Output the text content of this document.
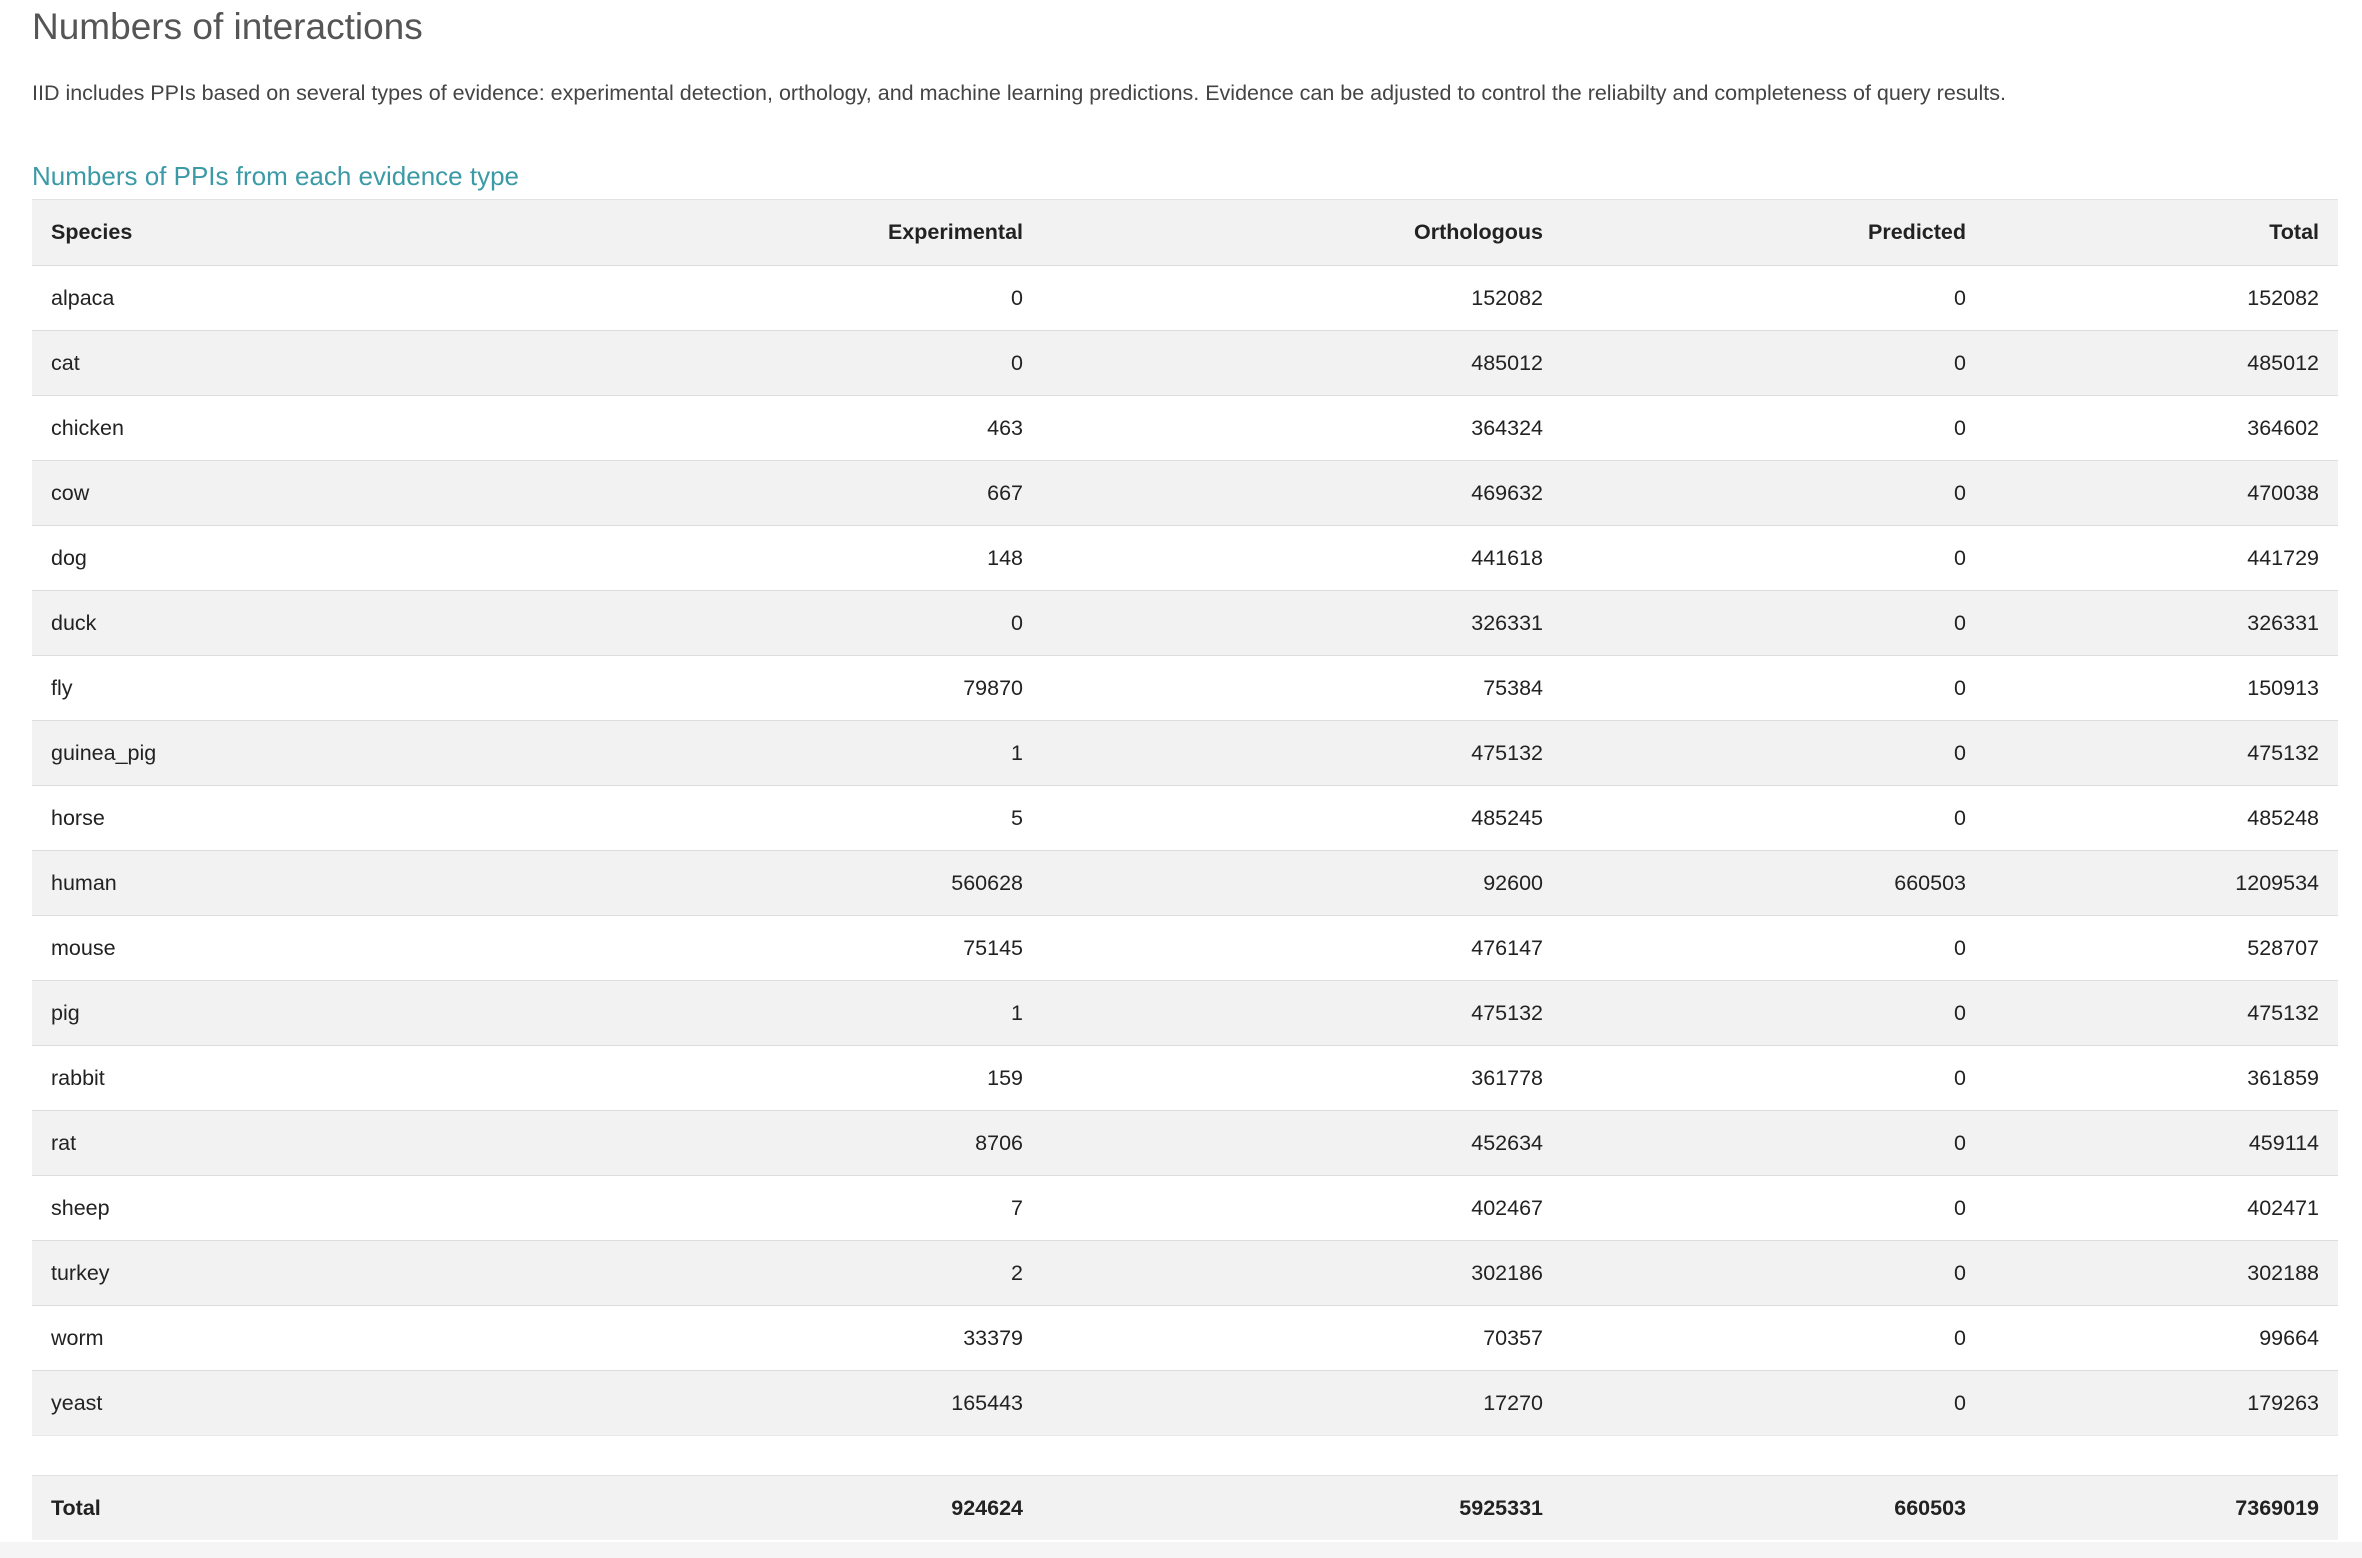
Numbers of interactions

IID includes PPIs based on several types of evidence: experimental detection, orthology, and machine learning predictions. Evidence can be adjusted to control the reliabilty and completeness of query results.

Numbers of PPIs from each evidence type
Species	Experimental	Orthologous	Predicted	Total
alpaca	0	152082	0	152082
cat	0	485012	0	485012
chicken	463	364324	0	364602
cow	667	469632	0	470038
dog	148	441618	0	441729
duck	0	326331	0	326331
fly	79870	75384	0	150913
guinea_pig	1	475132	0	475132
horse	5	485245	0	485248
human	560628	92600	660503	1209534
mouse	75145	476147	0	528707
pig	1	475132	0	475132
rabbit	159	361778	0	361859
rat	8706	452634	0	459114
sheep	7	402467	0	402471
turkey	2	302186	0	302188
worm	33379	70357	0	99664
yeast	165443	17270	0	179263
Total	924624	5925331	660503	7369019
